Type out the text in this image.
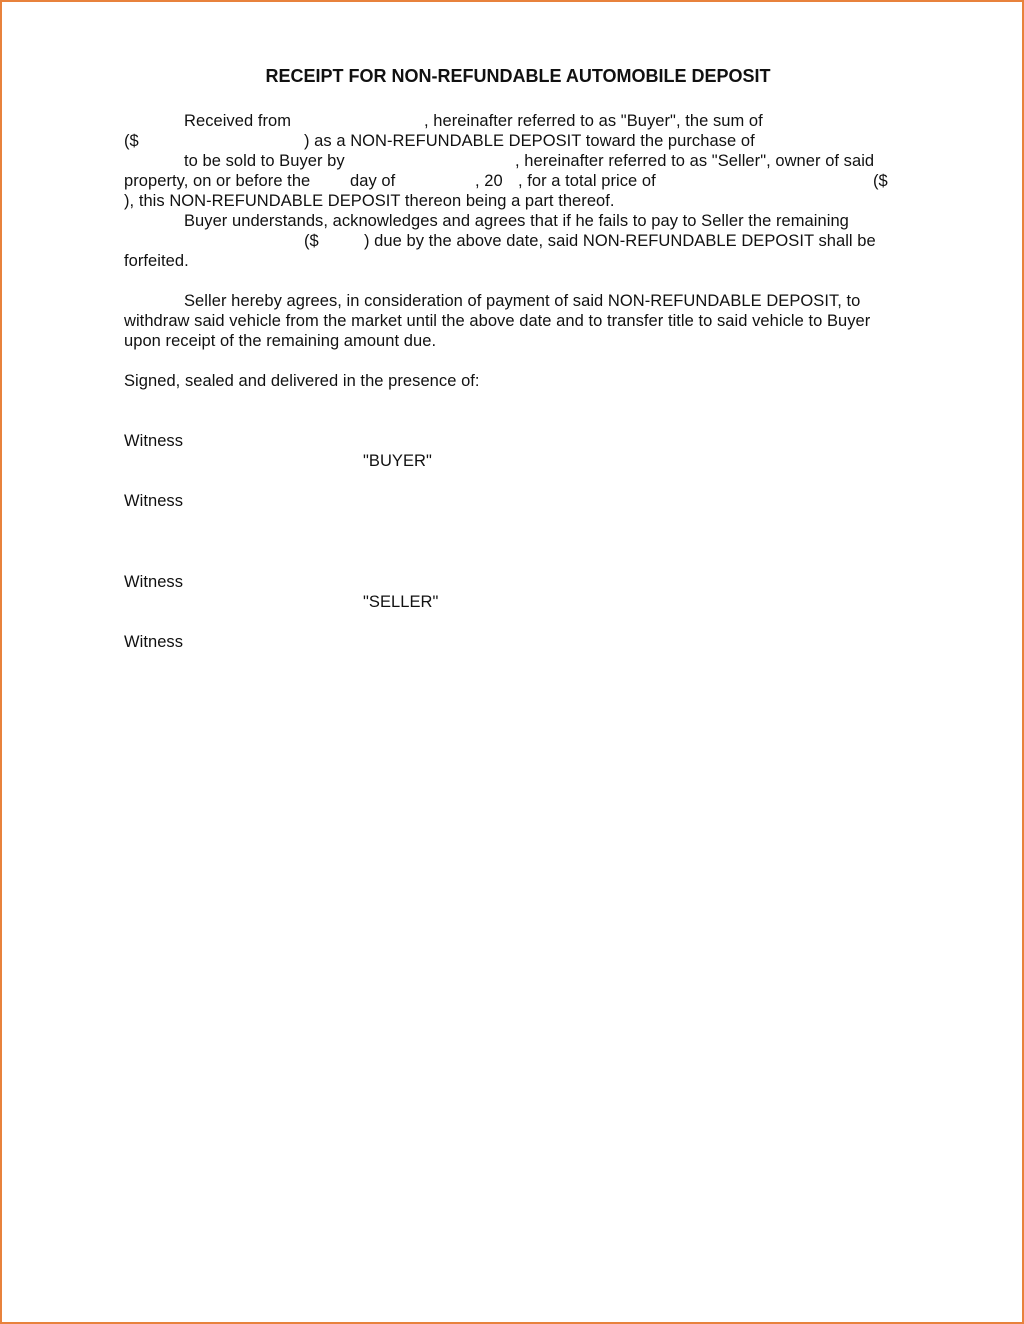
RECEIPT FOR NON-REFUNDABLE AUTOMOBILE DEPOSIT
Received from	, hereinafter referred to as "Buyer", the sum of
($	) as a NON-REFUNDABLE DEPOSIT toward the purchase of
to be sold to Buyer by	, hereinafter referred to as "Seller", owner of said
property, on or before the day of	, 20 , for a total price of	($
), this NON-REFUNDABLE DEPOSIT thereon being a part thereof.
Buyer understands, acknowledges and agrees that if he fails to pay to Seller the remaining
($	) due by the above date, said NON-REFUNDABLE DEPOSIT shall be
forfeited.
Seller hereby agrees, in consideration of payment of said NON-REFUNDABLE DEPOSIT, to
withdraw said vehicle from the market until the above date and to transfer title to said vehicle to Buyer
upon receipt of the remaining amount due.
Signed, sealed and delivered in the presence of:
Witness
"BUYER"
Witness
Witness
"SELLER"
Witness
